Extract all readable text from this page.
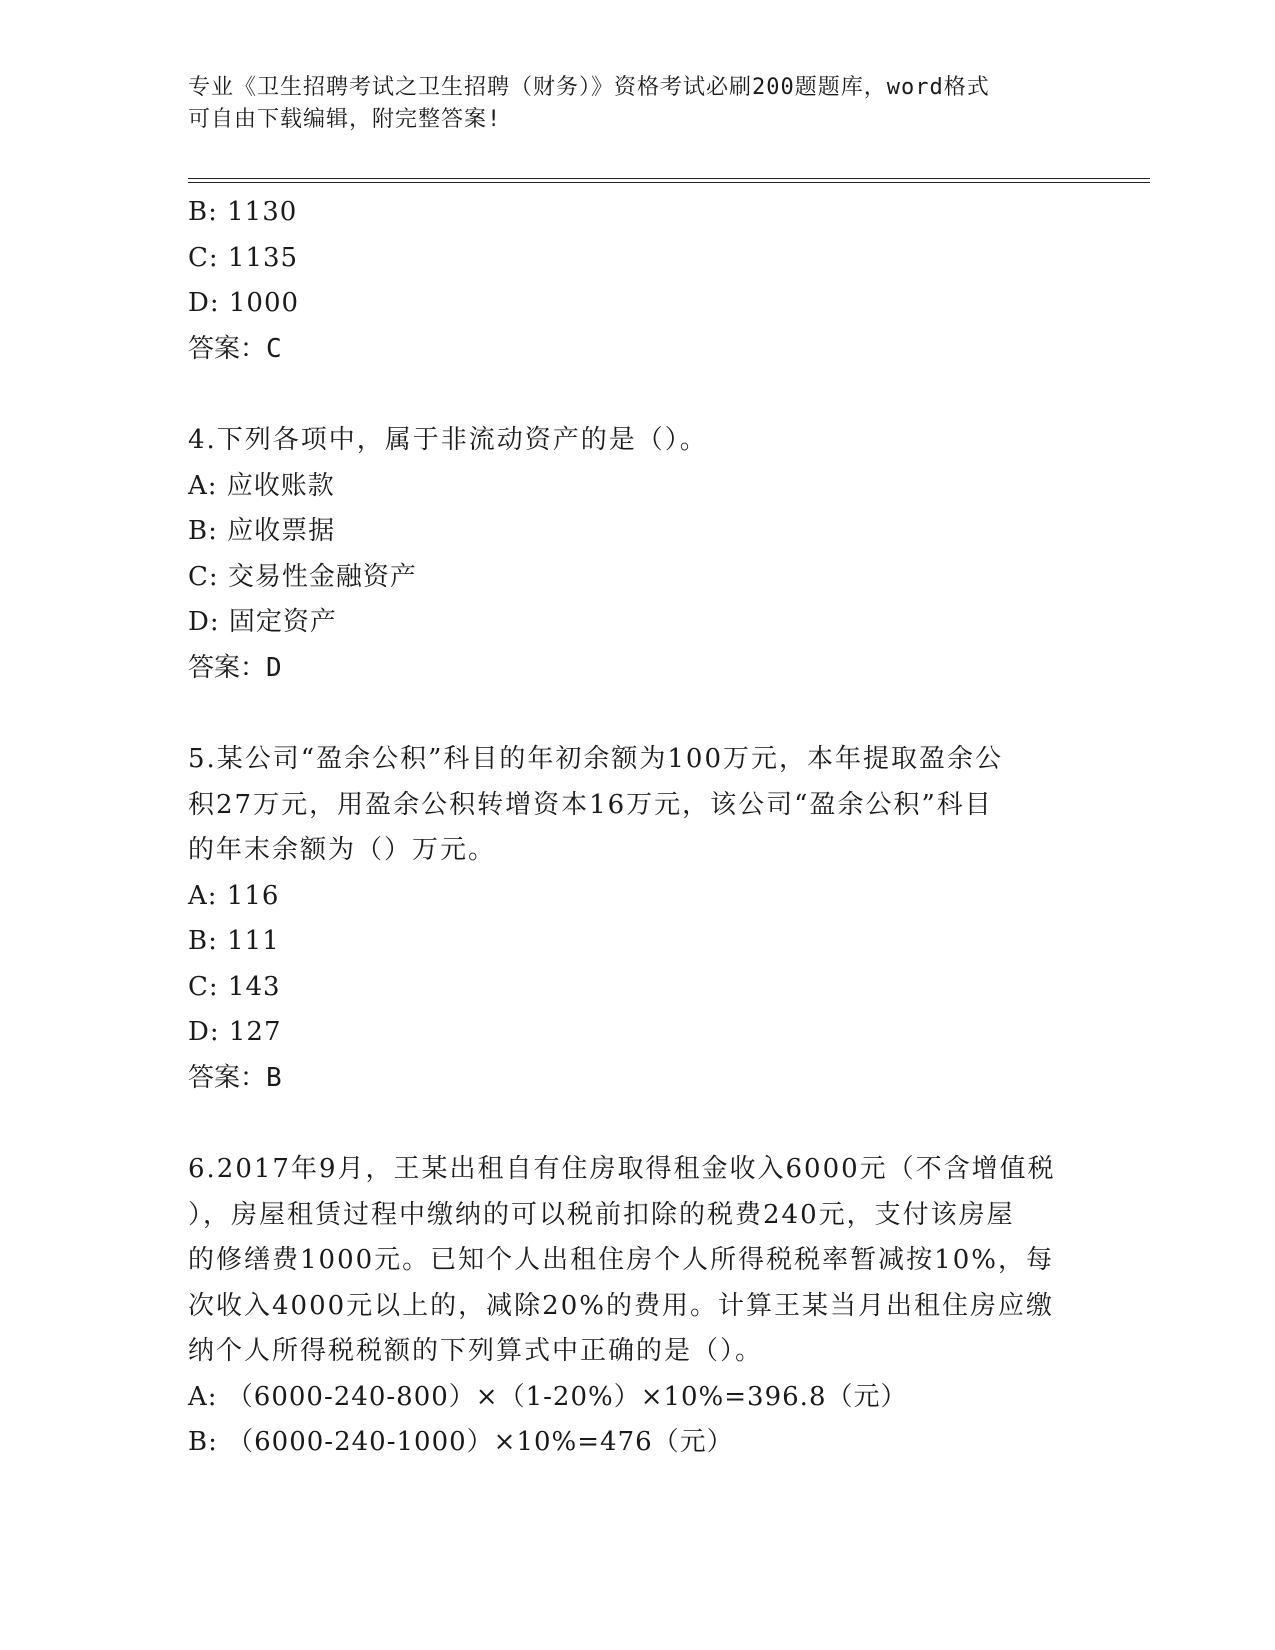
专业《卫生招聘考试之卫生招聘（财务）》资格考试必刷200题题库，word格式
可自由下载编辑，附完整答案!
B: 1130
C: 1135
D: 1000
答案：C
4.下列各项中，属于非流动资产的是（）。
A: 应收账款
B: 应收票据
C: 交易性金融资产
D: 固定资产
答案：D
5.某公司“盈余公积”科目的年初余额为100万元，本年提取盈余公
积27万元，用盈余公积转增资本16万元，该公司“盈余公积”科目
的年末余额为（）万元。
A: 116
B: 111
C: 143
D: 127
答案：B
6.2017年9月，王某出租自有住房取得租金收入6000元（不含增值税
），房屋租赁过程中缴纳的可以税前扣除的税费240元，支付该房屋
的修缮费1000元。已知个人出租住房个人所得税税率暂减按10%，每
次收入4000元以上的，减除20%的费用。计算王某当月出租住房应缴
纳个人所得税税额的下列算式中正确的是（）。
A: （6000-240-800）×（1-20%）×10%=396.8（元）
B: （6000-240-1000）×10%=476（元）
